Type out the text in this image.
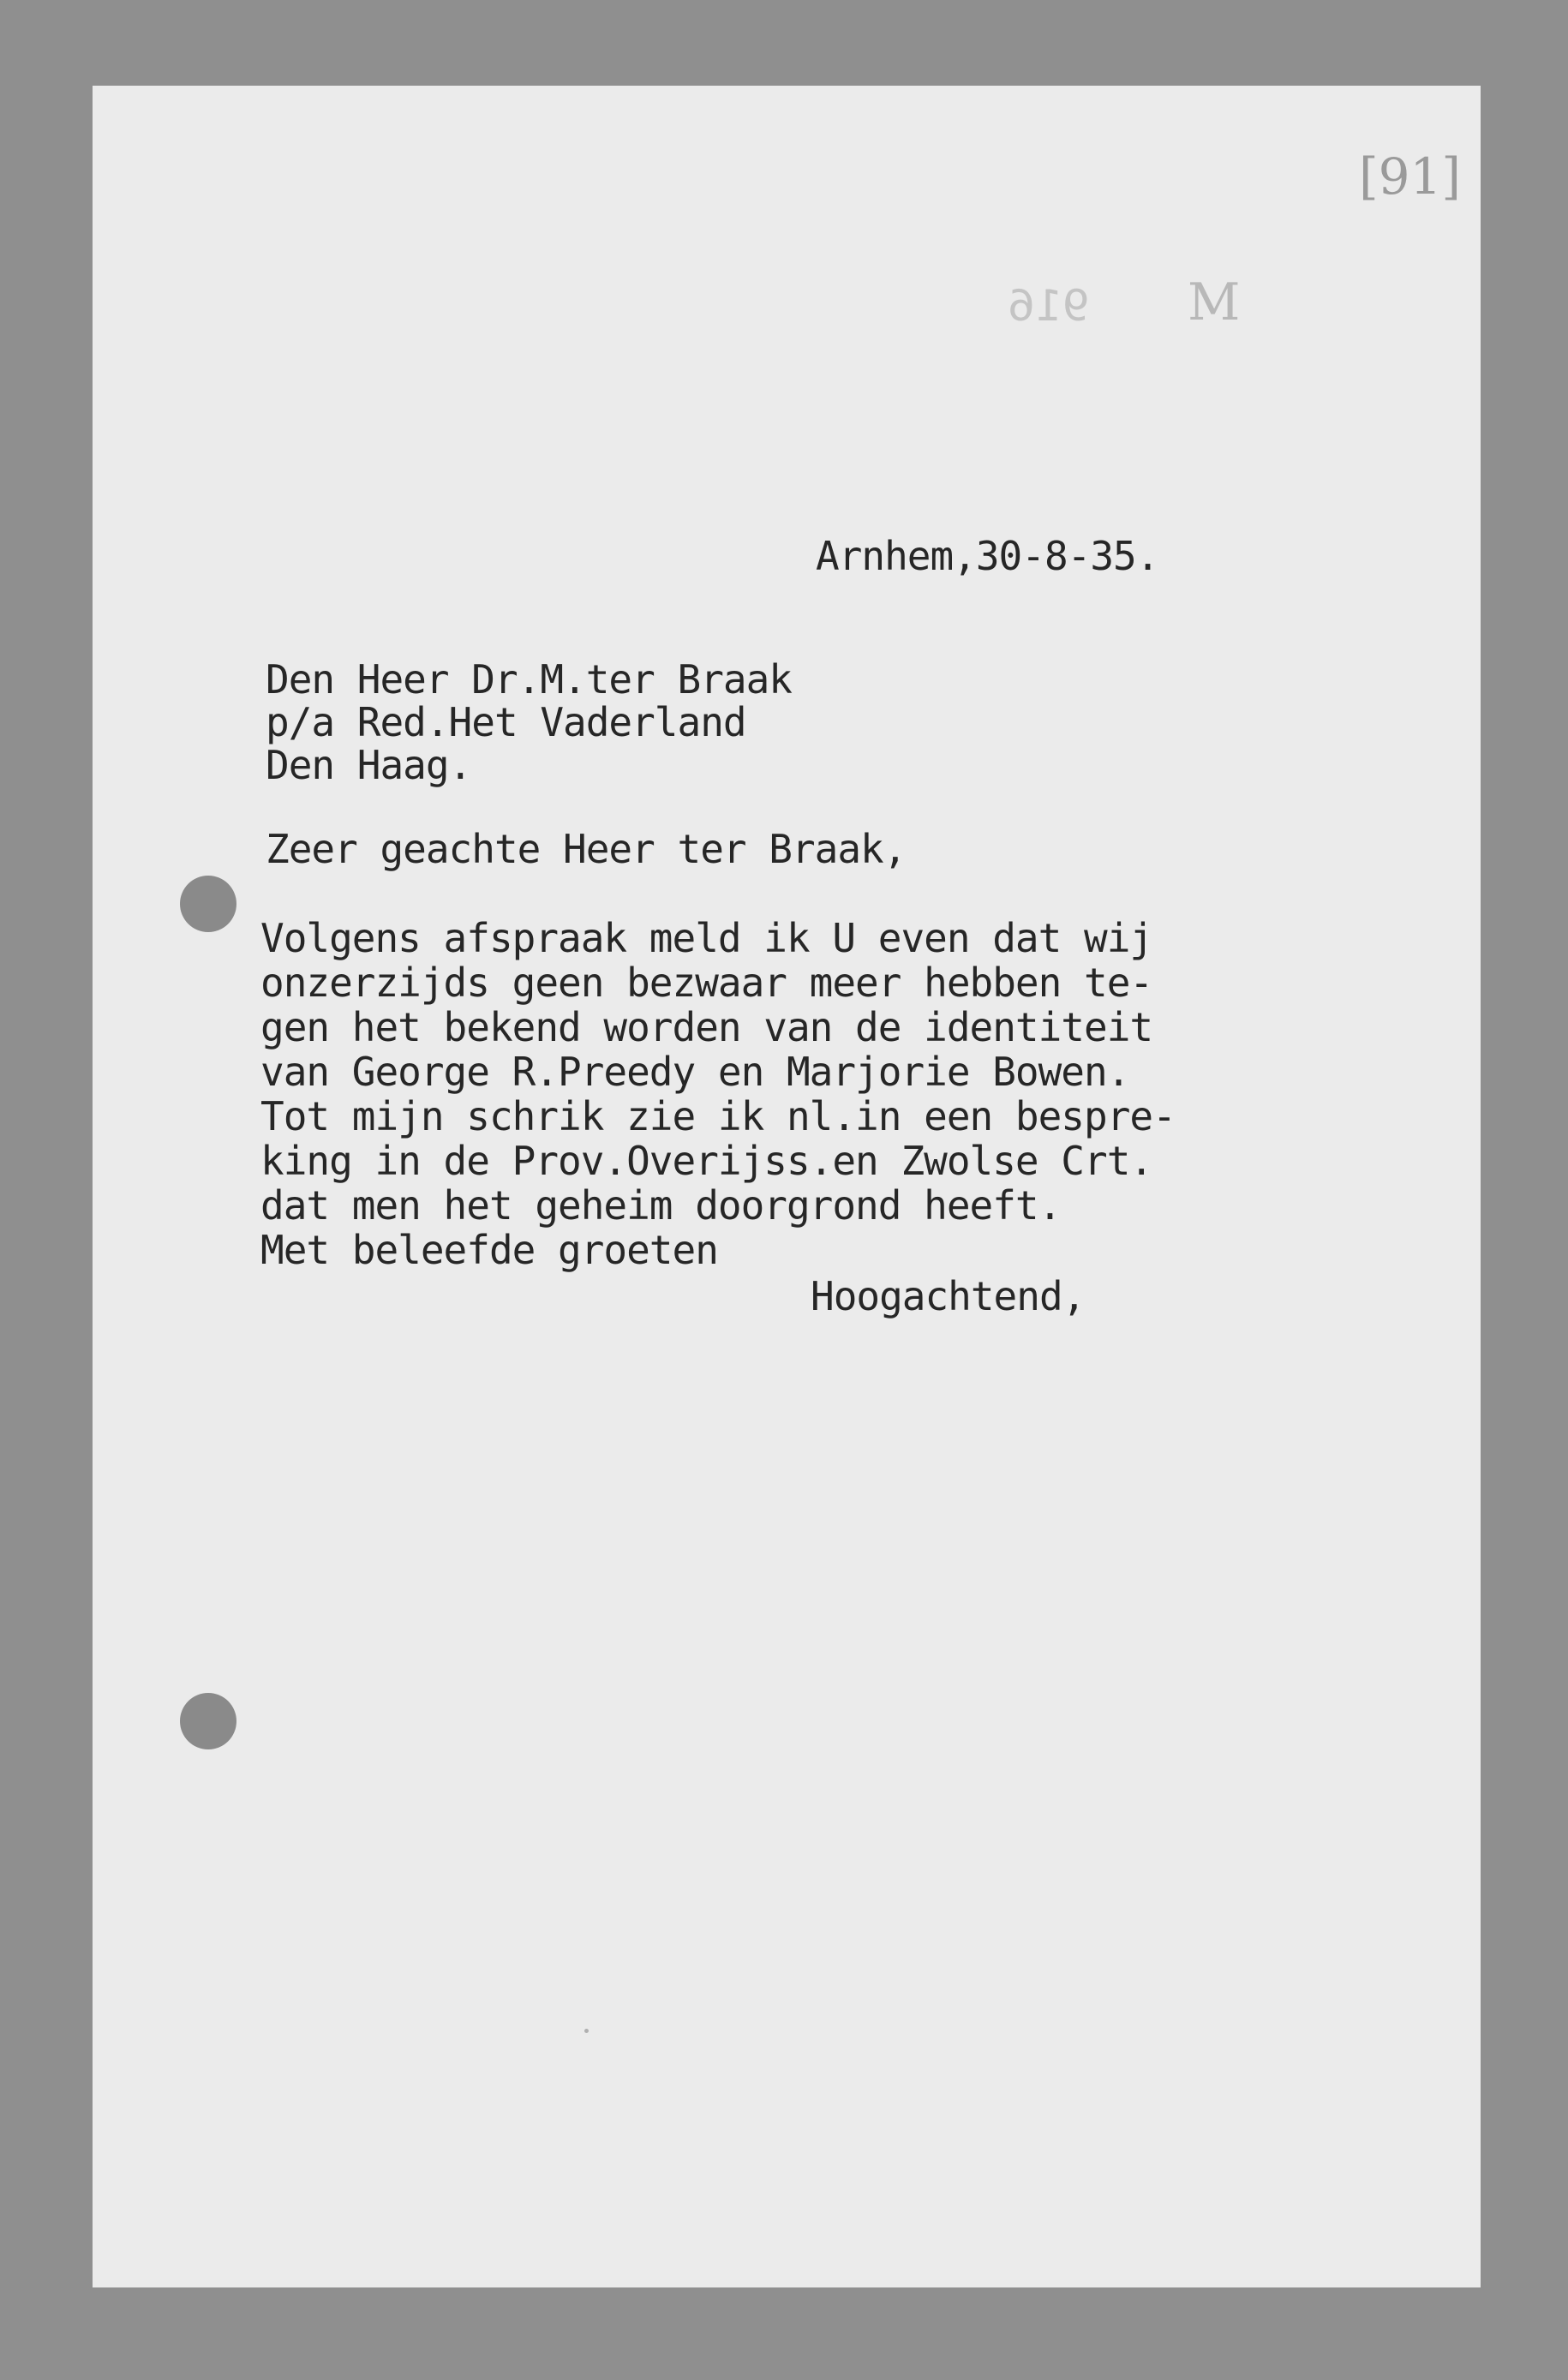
[91]
916 M
Arnhem,30-8-35.
Den Heer Dr.M.ter Braak
p/a Red.Het Vaderland
Den Haag.
Zeer geachte Heer ter Braak,
Volgens afspraak meld ik U even dat wij
onzerzijds geen bezwaar meer hebben te-
gen het bekend worden van de identiteit
van George R.Preedy en Marjorie Bowen.
Tot mijn schrik zie ik nl.in een bespre-
king in de Prov.Overijss.en Zwolse Crt.
dat men het geheim doorgrond heeft.
Met beleefde groeten
Hoogachtend,
